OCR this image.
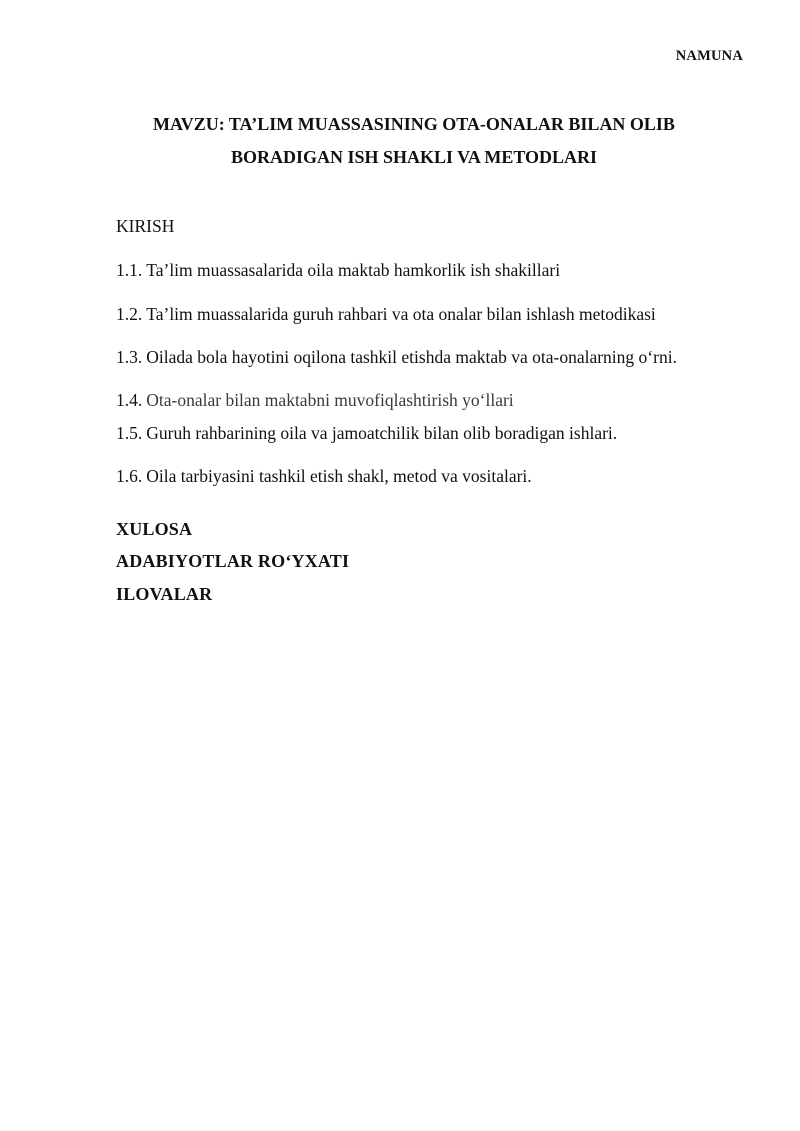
NAMUNA
MAVZU: TA’LIM MUASSASINING OTA-ONALAR BILAN OLIB
BORADIGAN ISH SHAKLI VA METODLARI
KIRISH
1.1. Ta’lim muassasalarida oila maktab hamkorlik ish shakillari
1.2. Ta’lim muassalarida guruh rahbari va ota onalar bilan ishlash metodikasi
1.3. Oilada bola hayotini oqilona tashkil etishda maktab va ota-onalarning o‘rni.
1.4. Ota-onalar bilan maktabni muvofiqlashtirish yo‘llari
1.5. Guruh rahbarining oila va jamoatchilik bilan olib boradigan ishlari.
1.6. Oila tarbiyasini tashkil etish shakl, metod va vositalari.
XULOSA
ADABIYOTLAR RO‘YXATI
ILOVALAR
